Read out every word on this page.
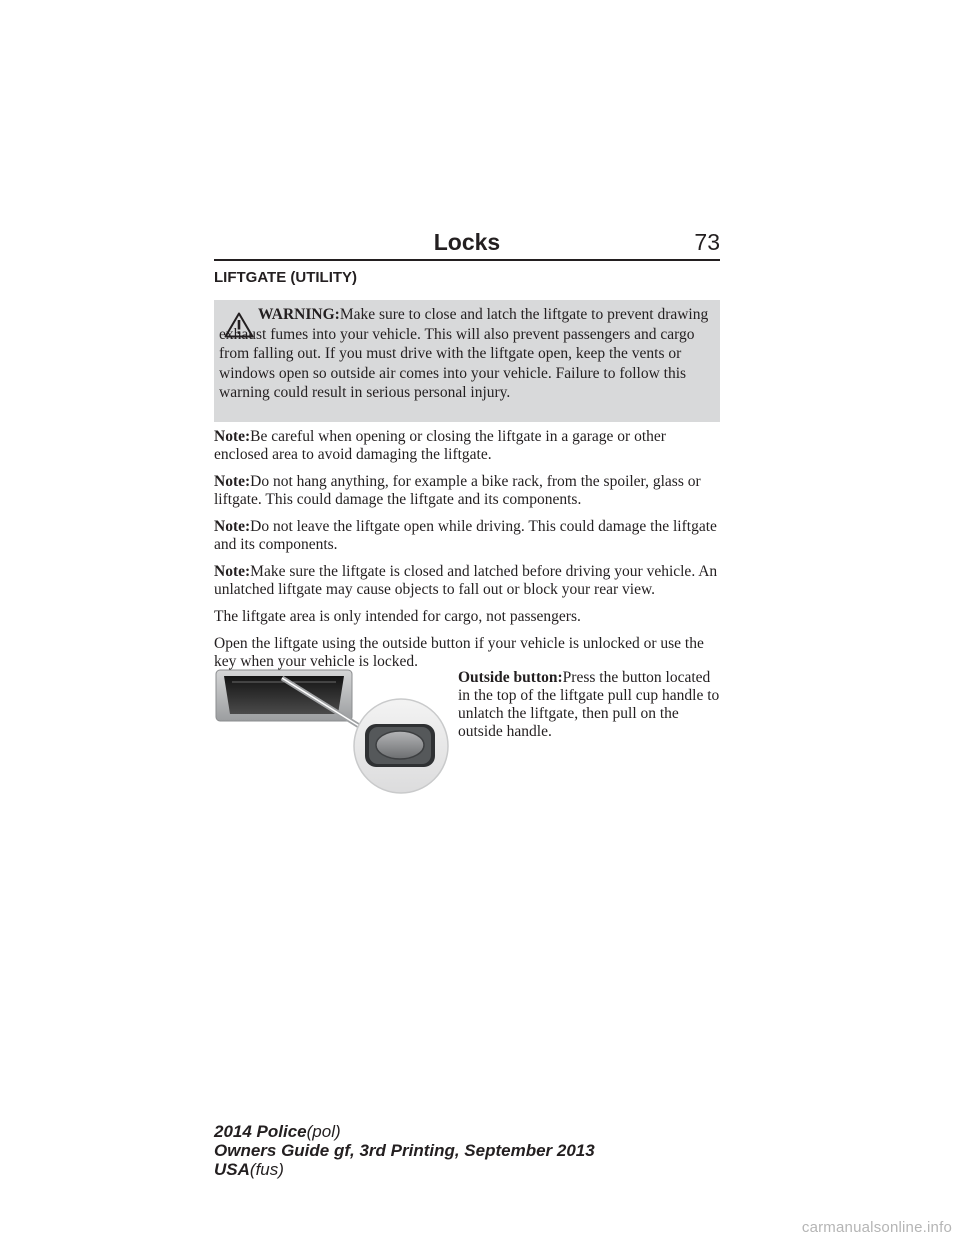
Locks	73
LIFTGATE (UTILITY)
WARNING:Make sure to close and latch the liftgate to prevent drawing exhaust fumes into your vehicle. This will also prevent passengers and cargo from falling out. If you must drive with the liftgate open, keep the vents or windows open so outside air comes into your vehicle. Failure to follow this warning could result in serious personal injury.

Note:Be careful when opening or closing the liftgate in a garage or other enclosed area to avoid damaging the liftgate.

Note:Do not hang anything, for example a bike rack, from the spoiler, glass or liftgate. This could damage the liftgate and its components.

Note:Do not leave the liftgate open while driving. This could damage the liftgate and its components.

Note:Make sure the liftgate is closed and latched before driving your vehicle. An unlatched liftgate may cause objects to fall out or block your rear view.

The liftgate area is only intended for cargo, not passengers.

Open the liftgate using the outside button if your vehicle is unlocked or use the key when your vehicle is locked.

Outside button:Press the button located in the top of the liftgate pull cup handle to unlatch the liftgate, then pull on the outside handle.
2014 Police(pol)
Owners Guide gf, 3rd Printing, September 2013
USA(fus)
carmanualsonline.info
